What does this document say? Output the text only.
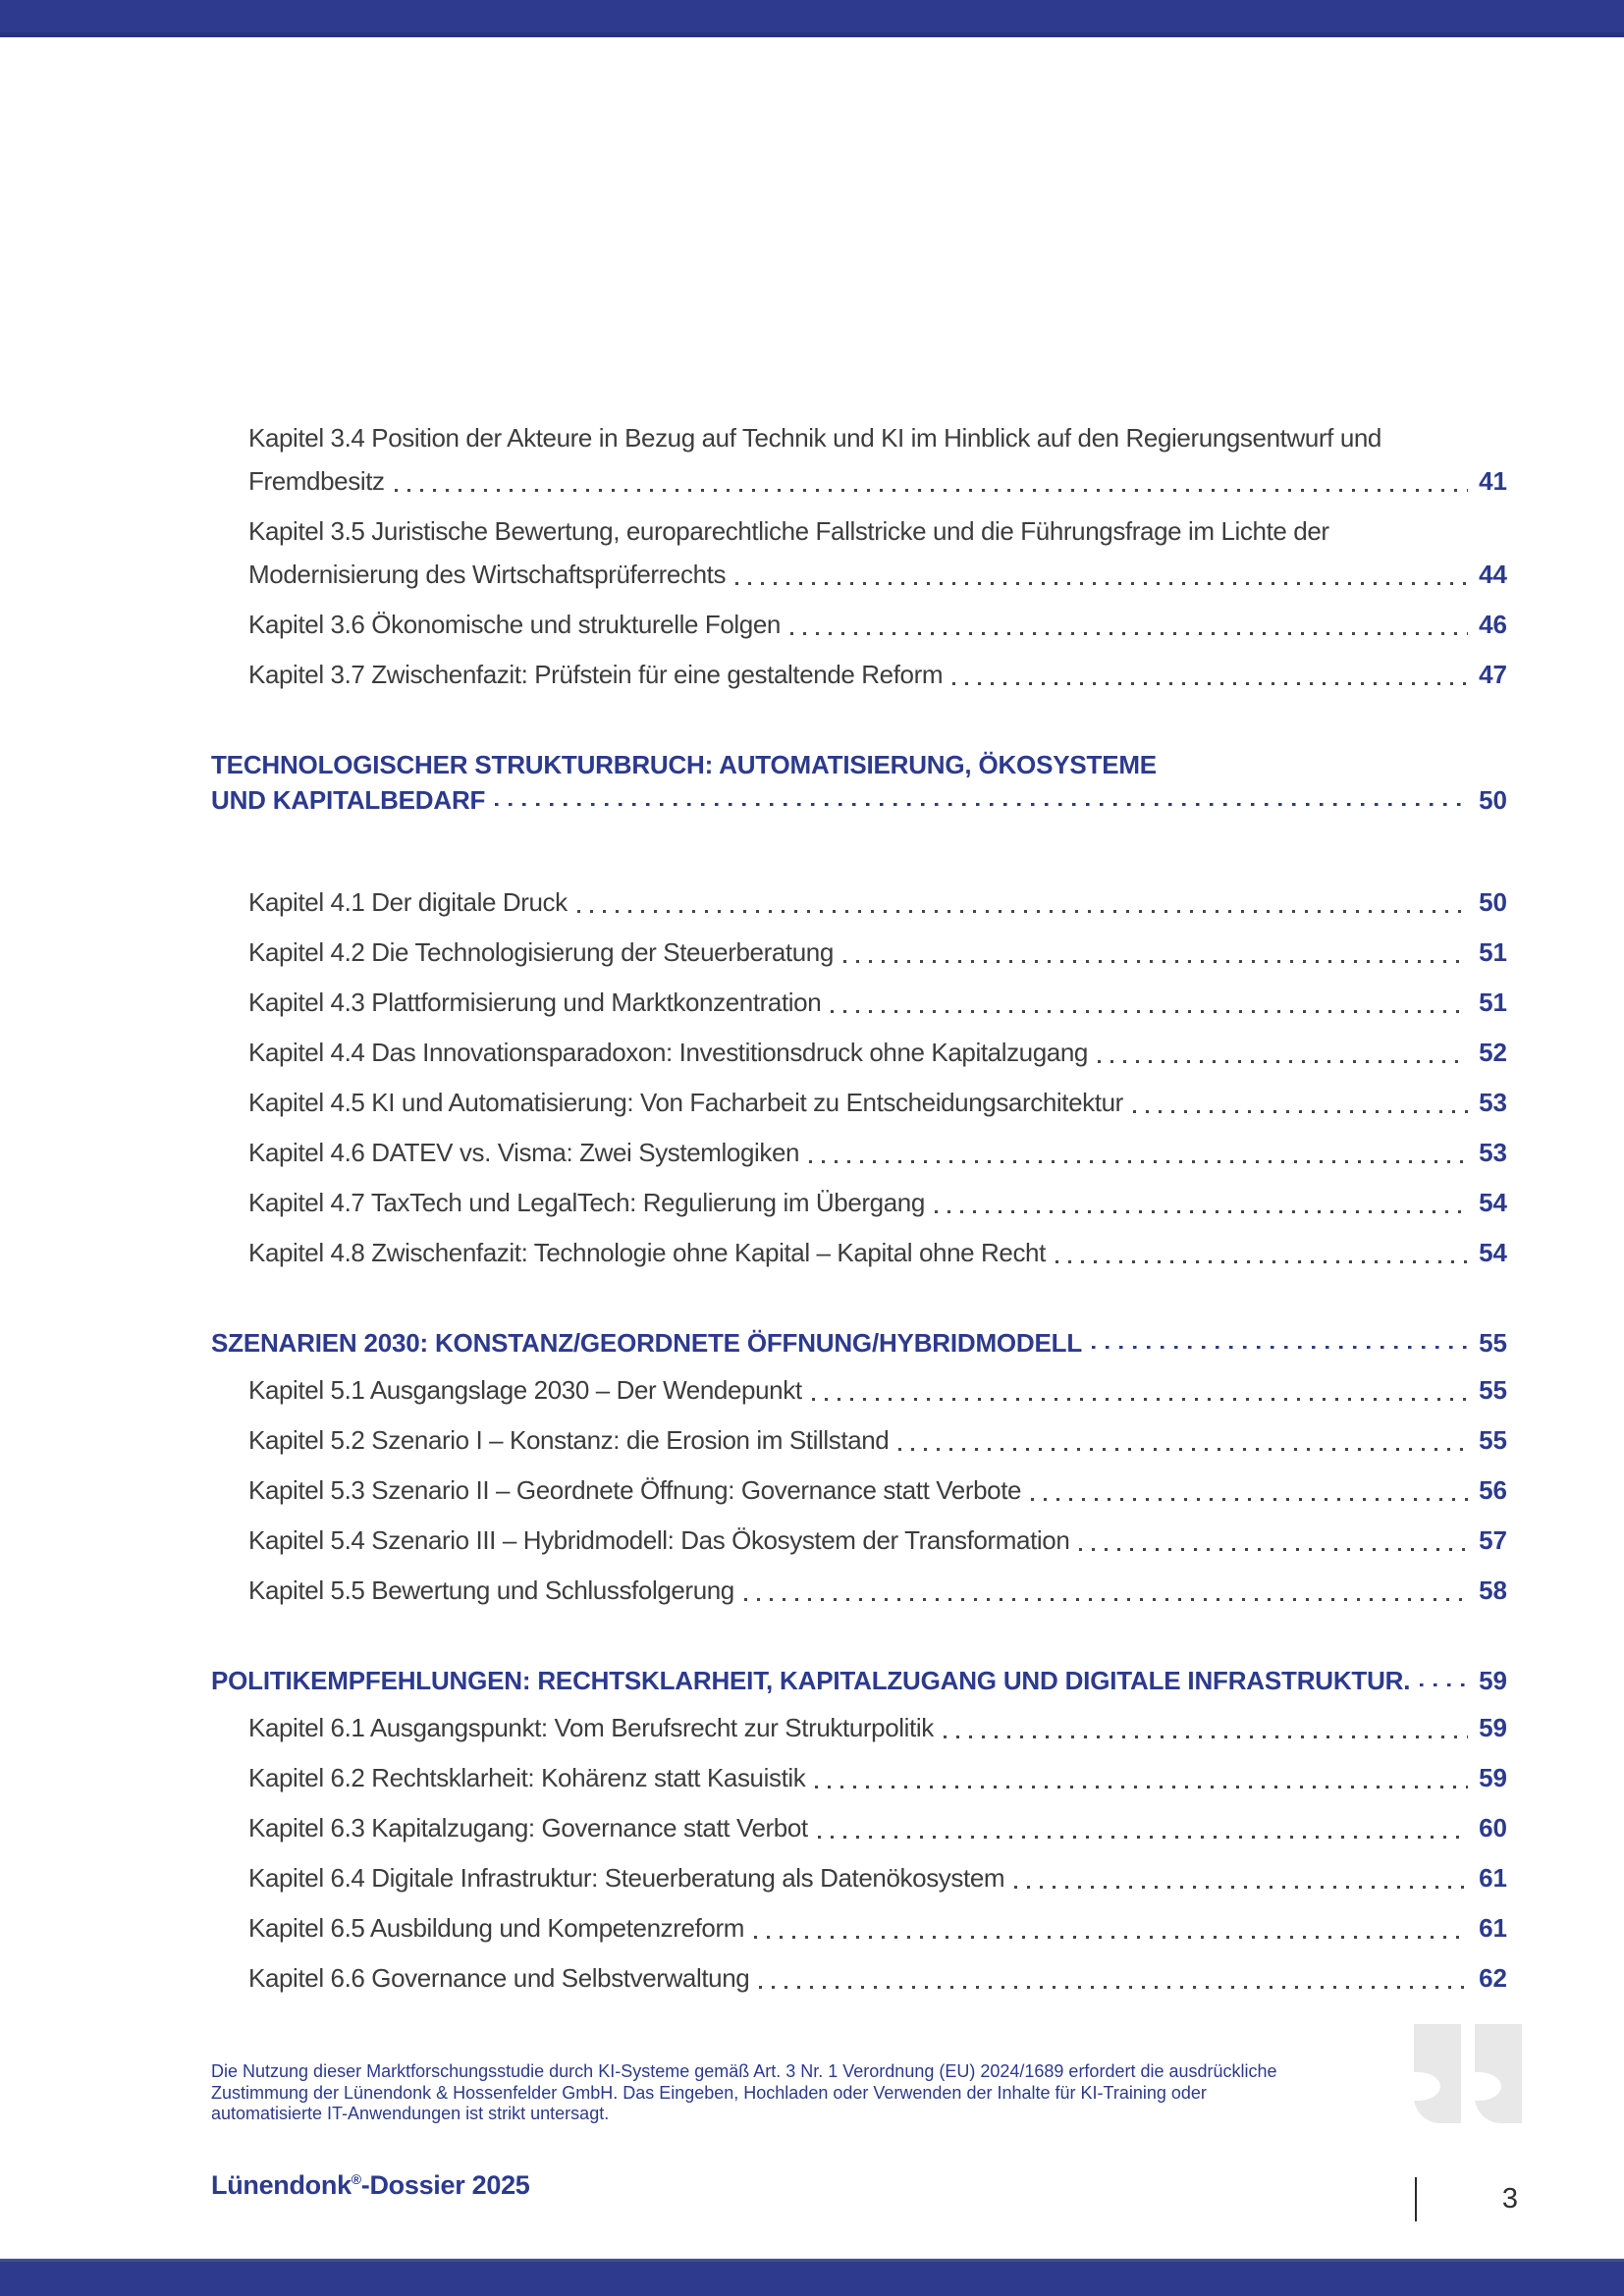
Kapitel 3.4 Position der Akteure in Bezug auf Technik und KI im Hinblick auf den Regierungsentwurf und
Fremdbesitz	41
Kapitel 3.5 Juristische Bewertung, europarechtliche Fallstricke und die Führungsfrage im Lichte der
Modernisierung des Wirtschaftsprüferrechts	44
Kapitel 3.6 Ökonomische und strukturelle Folgen	46
Kapitel 3.7 Zwischenfazit: Prüfstein für eine gestaltende Reform	47
TECHNOLOGISCHER STRUKTURBRUCH: AUTOMATISIERUNG, ÖKOSYSTEME
UND KAPITALBEDARF	50
Kapitel 4.1 Der digitale Druck	50
Kapitel 4.2 Die Technologisierung der Steuerberatung	51
Kapitel 4.3 Plattformisierung und Marktkonzentration	51
Kapitel 4.4 Das Innovationsparadoxon: Investitionsdruck ohne Kapitalzugang	52
Kapitel 4.5 KI und Automatisierung: Von Facharbeit zu Entscheidungsarchitektur	53
Kapitel 4.6 DATEV vs. Visma: Zwei Systemlogiken	53
Kapitel 4.7 TaxTech und LegalTech: Regulierung im Übergang	54
Kapitel 4.8 Zwischenfazit: Technologie ohne Kapital – Kapital ohne Recht	54
SZENARIEN 2030: KONSTANZ/GEORDNETE ÖFFNUNG/HYBRIDMODELL	55
Kapitel 5.1 Ausgangslage 2030 – Der Wendepunkt	55
Kapitel 5.2 Szenario I – Konstanz: die Erosion im Stillstand	55
Kapitel 5.3 Szenario II – Geordnete Öffnung: Governance statt Verbote	56
Kapitel 5.4 Szenario III – Hybridmodell: Das Ökosystem der Transformation	57
Kapitel 5.5 Bewertung und Schlussfolgerung	58
POLITIKEMPFEHLUNGEN: RECHTSKLARHEIT, KAPITALZUGANG UND DIGITALE INFRASTRUKTUR.	59
Kapitel 6.1 Ausgangspunkt: Vom Berufsrecht zur Strukturpolitik	59
Kapitel 6.2 Rechtsklarheit: Kohärenz statt Kasuistik	59
Kapitel 6.3 Kapitalzugang: Governance statt Verbot	60
Kapitel 6.4 Digitale Infrastruktur: Steuerberatung als Datenökosystem	61
Kapitel 6.5 Ausbildung und Kompetenzreform	61
Kapitel 6.6 Governance und Selbstverwaltung	62
Die Nutzung dieser Marktforschungsstudie durch KI-Systeme gemäß Art. 3 Nr. 1 Verordnung (EU) 2024/1689 erfordert die ausdrückliche
Zustimmung der Lünendonk & Hossenfelder GmbH. Das Eingeben, Hochladen oder Verwenden der Inhalte für KI-Training oder
automatisierte IT-Anwendungen ist strikt untersagt.
Lünendonk®-Dossier 2025	3
